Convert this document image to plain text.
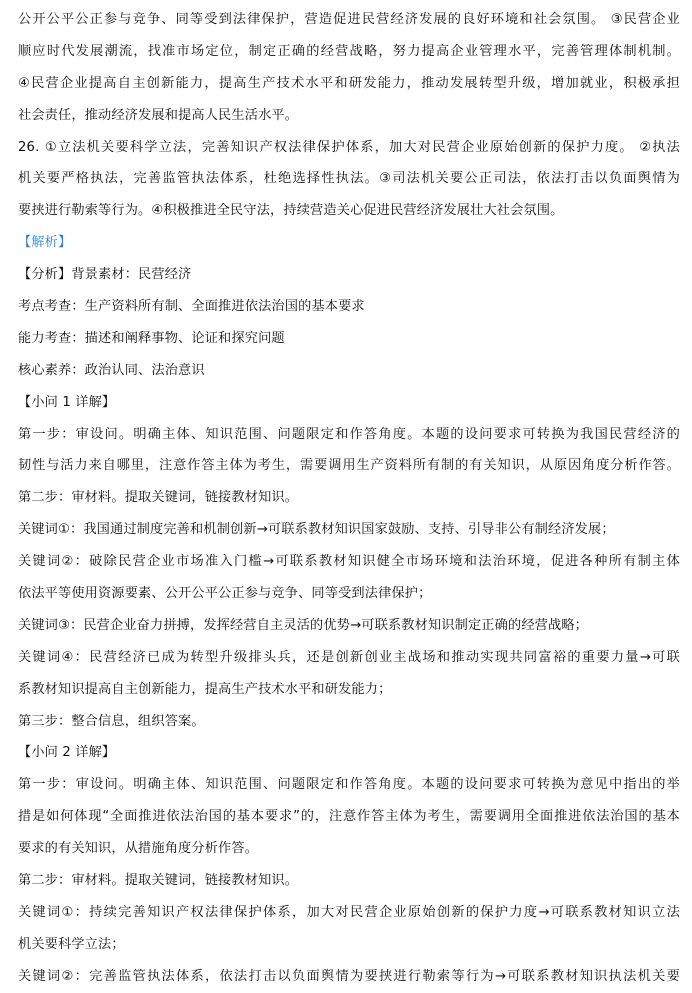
公开公平公正参与竞争、同等受到法律保护，营造促进民营经济发展的良好环境和社会氛围。 ③民营企业
顺应时代发展潮流，找准市场定位，制定正确的经营战略，努力提高企业管理水平，完善管理体制机制。
④民营企业提高自主创新能力，提高生产技术水平和研发能力，推动发展转型升级，增加就业，积极承担
社会责任，推动经济发展和提高人民生活水平。
26. ①立法机关要科学立法，完善知识产权法律保护体系，加大对民营企业原始创新的保护力度。 ②执法
机关要严格执法，完善监管执法体系，杜绝选择性执法。③司法机关要公正司法，依法打击以负面舆情为
要挟进行勒索等行为。④积极推进全民守法，持续营造关心促进民营经济发展壮大社会氛围。
【解析】
【分析】背景素材：民营经济
考点考查：生产资料所有制、全面推进依法治国的基本要求
能力考查：描述和阐释事物、论证和探究问题
核心素养：政治认同、法治意识
【小问 1 详解】
第一步：审设问。明确主体、知识范围、问题限定和作答角度。本题的设问要求可转换为我国民营经济的
韧性与活力来自哪里，注意作答主体为考生，需要调用生产资料所有制的有关知识，从原因角度分析作答。
第二步：审材料。提取关键词，链接教材知识。
关键词①：我国通过制度完善和机制创新→可联系教材知识国家鼓励、支持、引导非公有制经济发展；
关键词②：破除民营企业市场准入门槛→可联系教材知识健全市场环境和法治环境，促进各种所有制主体
依法平等使用资源要素、公开公平公正参与竞争、同等受到法律保护；
关键词③：民营企业奋力拼搏，发挥经营自主灵活的优势→可联系教材知识制定正确的经营战略；
关键词④：民营经济已成为转型升级排头兵，还是创新创业主战场和推动实现共同富裕的重要力量→可联
系教材知识提高自主创新能力，提高生产技术水平和研发能力；
第三步：整合信息，组织答案。
【小问 2 详解】
第一步：审设问。明确主体、知识范围、问题限定和作答角度。本题的设问要求可转换为意见中指出的举
措是如何体现“全面推进依法治国的基本要求”的，注意作答主体为考生，需要调用全面推进依法治国的基本
要求的有关知识，从措施角度分析作答。
第二步：审材料。提取关键词，链接教材知识。
关键词①：持续完善知识产权法律保护体系，加大对民营企业原始创新的保护力度→可联系教材知识立法
机关要科学立法；
关键词②：完善监管执法体系，依法打击以负面舆情为要挟进行勒索等行为→可联系教材知识执法机关要
